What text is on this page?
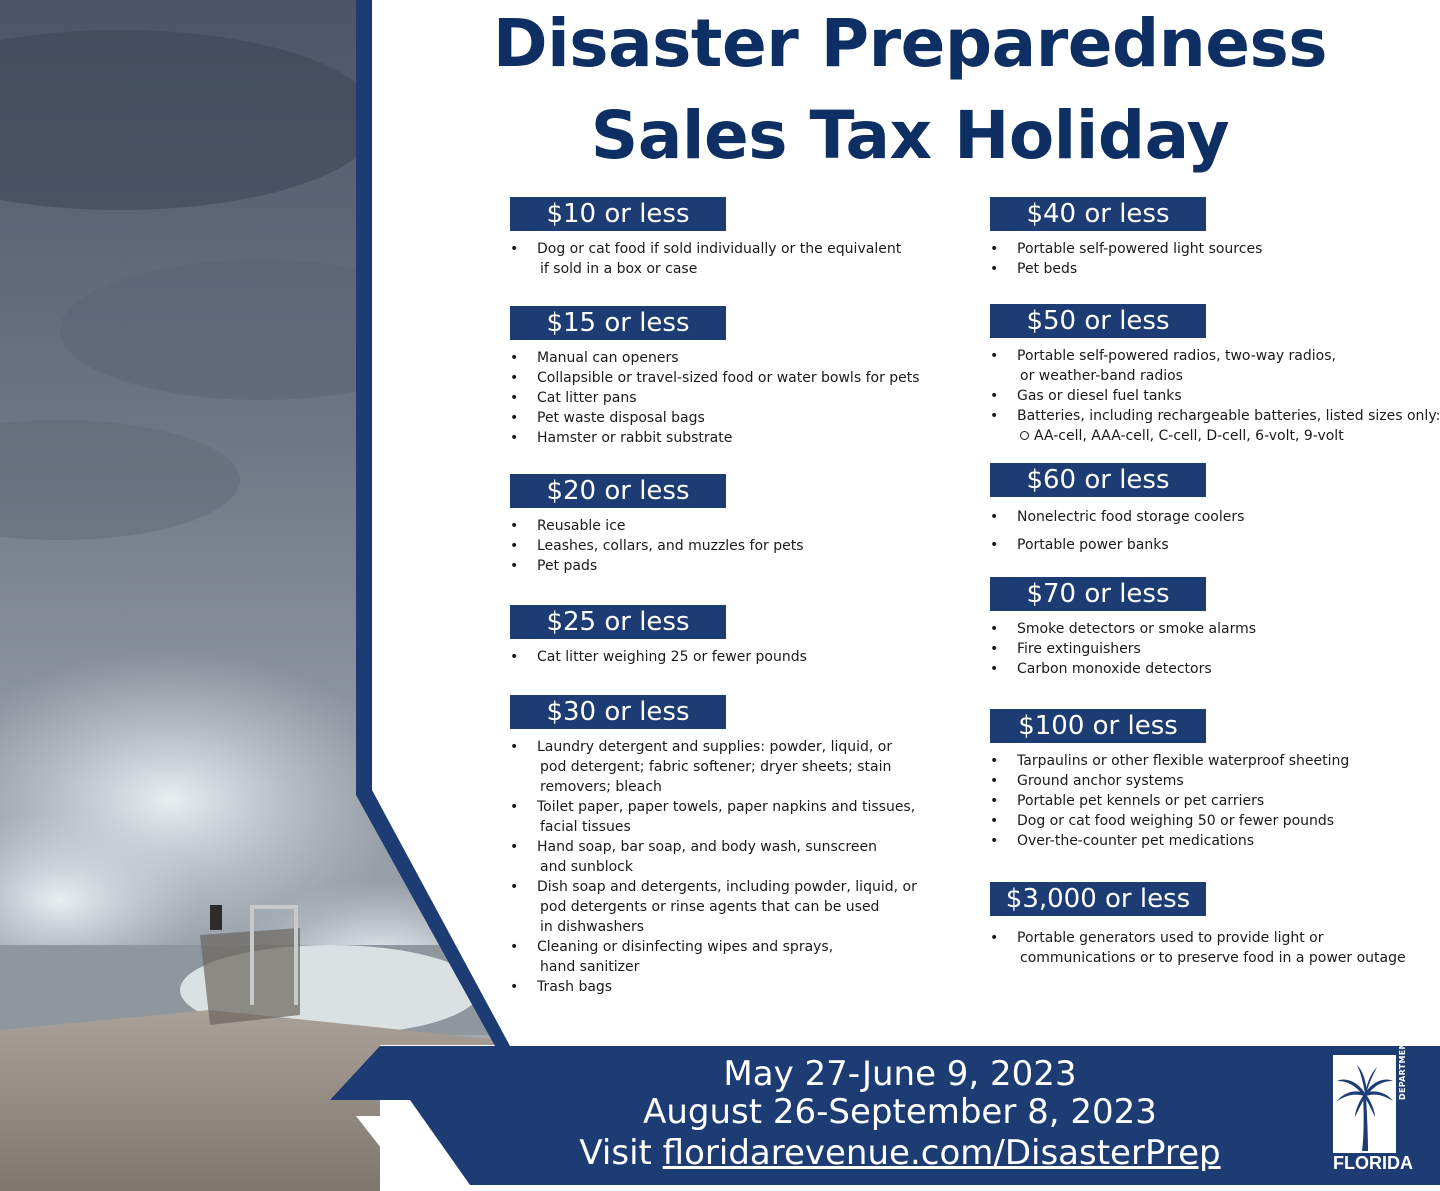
Disaster Preparedness
Sales Tax Holiday
$10 or less
• Dog or cat food if sold individually or the equivalent
if sold in a box or case
$15 or less
• Manual can openers
• Collapsible or travel-sized food or water bowls for pets
• Cat litter pans
• Pet waste disposal bags
• Hamster or rabbit substrate
$20 or less
• Reusable ice
• Leashes, collars, and muzzles for pets
• Pet pads
$25 or less
• Cat litter weighing 25 or fewer pounds
$30 or less
• Laundry detergent and supplies: powder, liquid, or
pod detergent; fabric softener; dryer sheets; stain
removers; bleach
• Toilet paper, paper towels, paper napkins and tissues,
facial tissues
• Hand soap, bar soap, and body wash, sunscreen
and sunblock
• Dish soap and detergents, including powder, liquid, or
pod detergents or rinse agents that can be used
in dishwashers
• Cleaning or disinfecting wipes and sprays,
hand sanitizer
• Trash bags
$40 or less
• Portable self-powered light sources
• Pet beds
$50 or less
• Portable self-powered radios, two-way radios,
or weather-band radios
• Gas or diesel fuel tanks
• Batteries, including rechargeable batteries, listed sizes only:
AA-cell, AAA-cell, C-cell, D-cell, 6-volt, 9-volt
$60 or less
• Nonelectric food storage coolers
• Portable power banks
$70 or less
• Smoke detectors or smoke alarms
• Fire extinguishers
• Carbon monoxide detectors
$100 or less
• Tarpaulins or other flexible waterproof sheeting
• Ground anchor systems
• Portable pet kennels or pet carriers
• Dog or cat food weighing 50 or fewer pounds
• Over-the-counter pet medications
$3,000 or less
• Portable generators used to provide light or
communications or to preserve food in a power outage
May 27-June 9, 2023
August 26-September 8, 2023
Visit floridarevenue.com/DisasterPrep
DEPARTMENT OF REVENUE
FLORIDA
